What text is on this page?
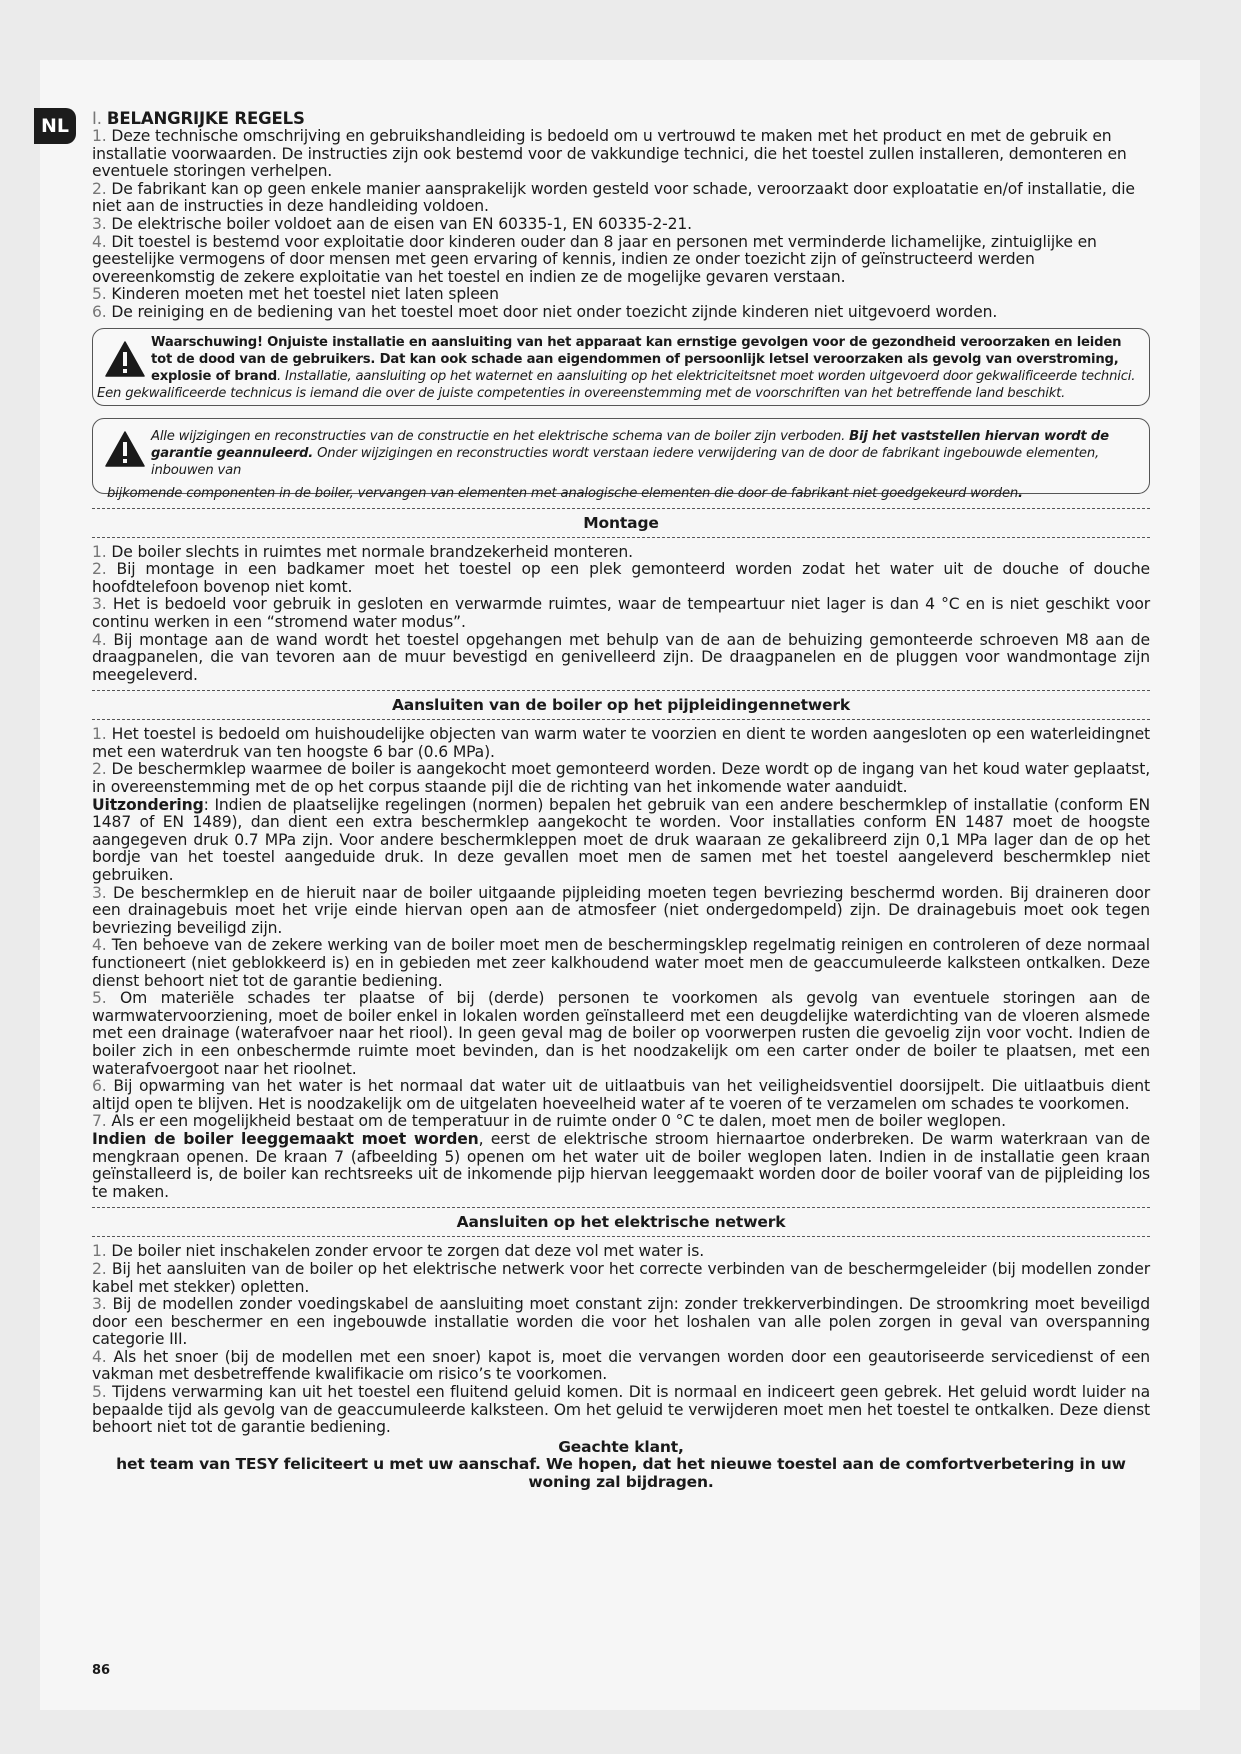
NL	I. BELANGRIJKE REGELS

1. Deze technische omschrijving en gebruikshandleiding is bedoeld om u vertrouwd te maken met het product en met de gebruik en installatie voorwaarden. De instructies zijn ook bestemd voor de vakkundige technici, die het toestel zullen installeren, demonteren en eventuele storingen verhelpen.

2. De fabrikant kan op geen enkele manier aansprakelijk worden gesteld voor schade, veroorzaakt door exploatatie en/of installatie, die niet aan de instructies in deze handleiding voldoen.

3. De elektrische boiler voldoet aan de eisen van EN 60335-1, EN 60335-2-21.

4. Dit toestel is bestemd voor exploitatie door kinderen ouder dan 8 jaar en personen met verminderde lichamelijke, zintuiglijke en geestelijke vermogens of door mensen met geen ervaring of kennis, indien ze onder toezicht zijn of geïnstructeerd werden overeenkomstig de zekere exploitatie van het toestel en indien ze de mogelijke gevaren verstaan.

5. Kinderen moeten met het toestel niet laten spleen

6. De reiniging en de bediening van het toestel moet door niet onder toezicht zijnde kinderen niet uitgevoerd worden.

Waarschuwing! Onjuiste installatie en aansluiting van het apparaat kan ernstige gevolgen voor de gezondheid veroorzaken en leiden tot de dood van de gebruikers. Dat kan ook schade aan eigendommen of persoonlijk letsel veroorzaken als gevolg van overstroming, explosie of brand. Installatie, aansluiting op het waternet en aansluiting op het elektriciteitsnet moet worden uitgevoerd door gekwalificeerde technici.
Een gekwalificeerde technicus is iemand die over de juiste competenties in overeenstemming met de voorschriften van het betreffende land beschikt.
Alle wijzigingen en reconstructies van de constructie en het elektrische schema van de boiler zijn verboden. Bij het vaststellen hiervan wordt de garantie geannuleerd. Onder wijzigingen en reconstructies wordt verstaan iedere verwijdering van de door de fabrikant ingebouwde elementen, inbouwen van
bijkomende componenten in de boiler, vervangen van elementen met analogische elementen die door de fabrikant niet goedgekeurd worden.
Montage

1. De boiler slechts in ruimtes met normale brandzekerheid monteren.

2. Bij montage in een badkamer moet het toestel op een plek gemonteerd worden zodat het water uit de douche of douche hoofdtelefoon bovenop niet komt.

3. Het is bedoeld voor gebruik in gesloten en verwarmde ruimtes, waar de tempeartuur niet lager is dan 4 °C en is niet geschikt voor continu werken in een “stromend water modus”.

4. Bij montage aan de wand wordt het toestel opgehangen met behulp van de aan de behuizing gemonteerde schroeven M8 aan de draagpanelen, die van tevoren aan de muur bevestigd en genivelleerd zijn. De draagpanelen en de pluggen voor wandmontage zijn meegeleverd.

Aansluiten van de boiler op het pijpleidingennetwerk

1. Het toestel is bedoeld om huishoudelijke objecten van warm water te voorzien en dient te worden aangesloten op een waterleidingnet met een waterdruk van ten hoogste 6 bar (0.6 MPa).

2. De beschermklep waarmee de boiler is aangekocht moet gemonteerd worden. Deze wordt op de ingang van het koud water geplaatst, in overeenstemming met de op het corpus staande pijl die de richting van het inkomende water aanduidt.

Uitzondering: Indien de plaatselijke regelingen (normen) bepalen het gebruik van een andere beschermklep of installatie (conform EN 1487 of EN 1489), dan dient een extra beschermklep aangekocht te worden. Voor installaties conform EN 1487 moet de hoogste aangegeven druk 0.7 MPa zijn. Voor andere beschermkleppen moet de druk waaraan ze gekalibreerd zijn 0,1 MPa lager dan de op het bordje van het toestel aangeduide druk. In deze gevallen moet men de samen met het toestel aangeleverd beschermklep niet gebruiken.

3. De beschermklep en de hieruit naar de boiler uitgaande pijpleiding moeten tegen bevriezing beschermd worden. Bij draineren door een drainagebuis moet het vrije einde hiervan open aan de atmosfeer (niet ondergedompeld) zijn. De drainagebuis moet ook tegen bevriezing beveiligd zijn.

4. Ten behoeve van de zekere werking van de boiler moet men de beschermingsklep regelmatig reinigen en controleren of deze normaal functioneert (niet geblokkeerd is) en in gebieden met zeer kalkhoudend water moet men de geaccumuleerde kalksteen ontkalken. Deze dienst behoort niet tot de garantie bediening.

5. Om materiële schades ter plaatse of bij (derde) personen te voorkomen als gevolg van eventuele storingen aan de warmwatervoorziening, moet de boiler enkel in lokalen worden geïnstalleerd met een deugdelijke waterdichting van de vloeren alsmede met een drainage (waterafvoer naar het riool). In geen geval mag de boiler op voorwerpen rusten die gevoelig zijn voor vocht. Indien de boiler zich in een onbeschermde ruimte moet bevinden, dan is het noodzakelijk om een carter onder de boiler te plaatsen, met een waterafvoergoot naar het rioolnet.

6. Bij opwarming van het water is het normaal dat water uit de uitlaatbuis van het veiligheidsventiel doorsijpelt. Die uitlaatbuis dient altijd open te blijven. Het is noodzakelijk om de uitgelaten hoeveelheid water af te voeren of te verzamelen om schades te voorkomen.

7. Als er een mogelijkheid bestaat om de temperatuur in de ruimte onder 0 °C te dalen, moet men de boiler weglopen.

Indien de boiler leeggemaakt moet worden, eerst de elektrische stroom hiernaartoe onderbreken. De warm waterkraan van de mengkraan openen. De kraan 7 (afbeelding 5) openen om het water uit de boiler weglopen laten. Indien in de installatie geen kraan geïnstalleerd is, de boiler kan rechtsreeks uit de inkomende pijp hiervan leeggemaakt worden door de boiler vooraf van de pijpleiding los te maken.

Aansluiten op het elektrische netwerk

1. De boiler niet inschakelen zonder ervoor te zorgen dat deze vol met water is.

2. Bij het aansluiten van de boiler op het elektrische netwerk voor het correcte verbinden van de beschermgeleider (bij modellen zonder kabel met stekker) opletten.

3. Bij de modellen zonder voedingskabel de aansluiting moet constant zijn: zonder trekkerverbindingen. De stroomkring moet beveiligd door een beschermer en een ingebouwde installatie worden die voor het loshalen van alle polen zorgen in geval van overspanning categorie III.

4. Als het snoer (bij de modellen met een snoer) kapot is, moet die vervangen worden door een geautoriseerde servicedienst of een vakman met desbetreffende kwalifikacie om risico’s te voorkomen.

5. Tijdens verwarming kan uit het toestel een fluitend geluid komen. Dit is normaal en indiceert geen gebrek. Het geluid wordt luider na bepaalde tijd als gevolg van de geaccumuleerde kalksteen. Om het geluid te verwijderen moet men het toestel te ontkalken. Deze dienst behoort niet tot de garantie bediening.

Geachte klant,
het team van TESY feliciteert u met uw aanschaf. We hopen, dat het nieuwe toestel aan de comfortverbetering in uw woning zal bijdragen.
86
